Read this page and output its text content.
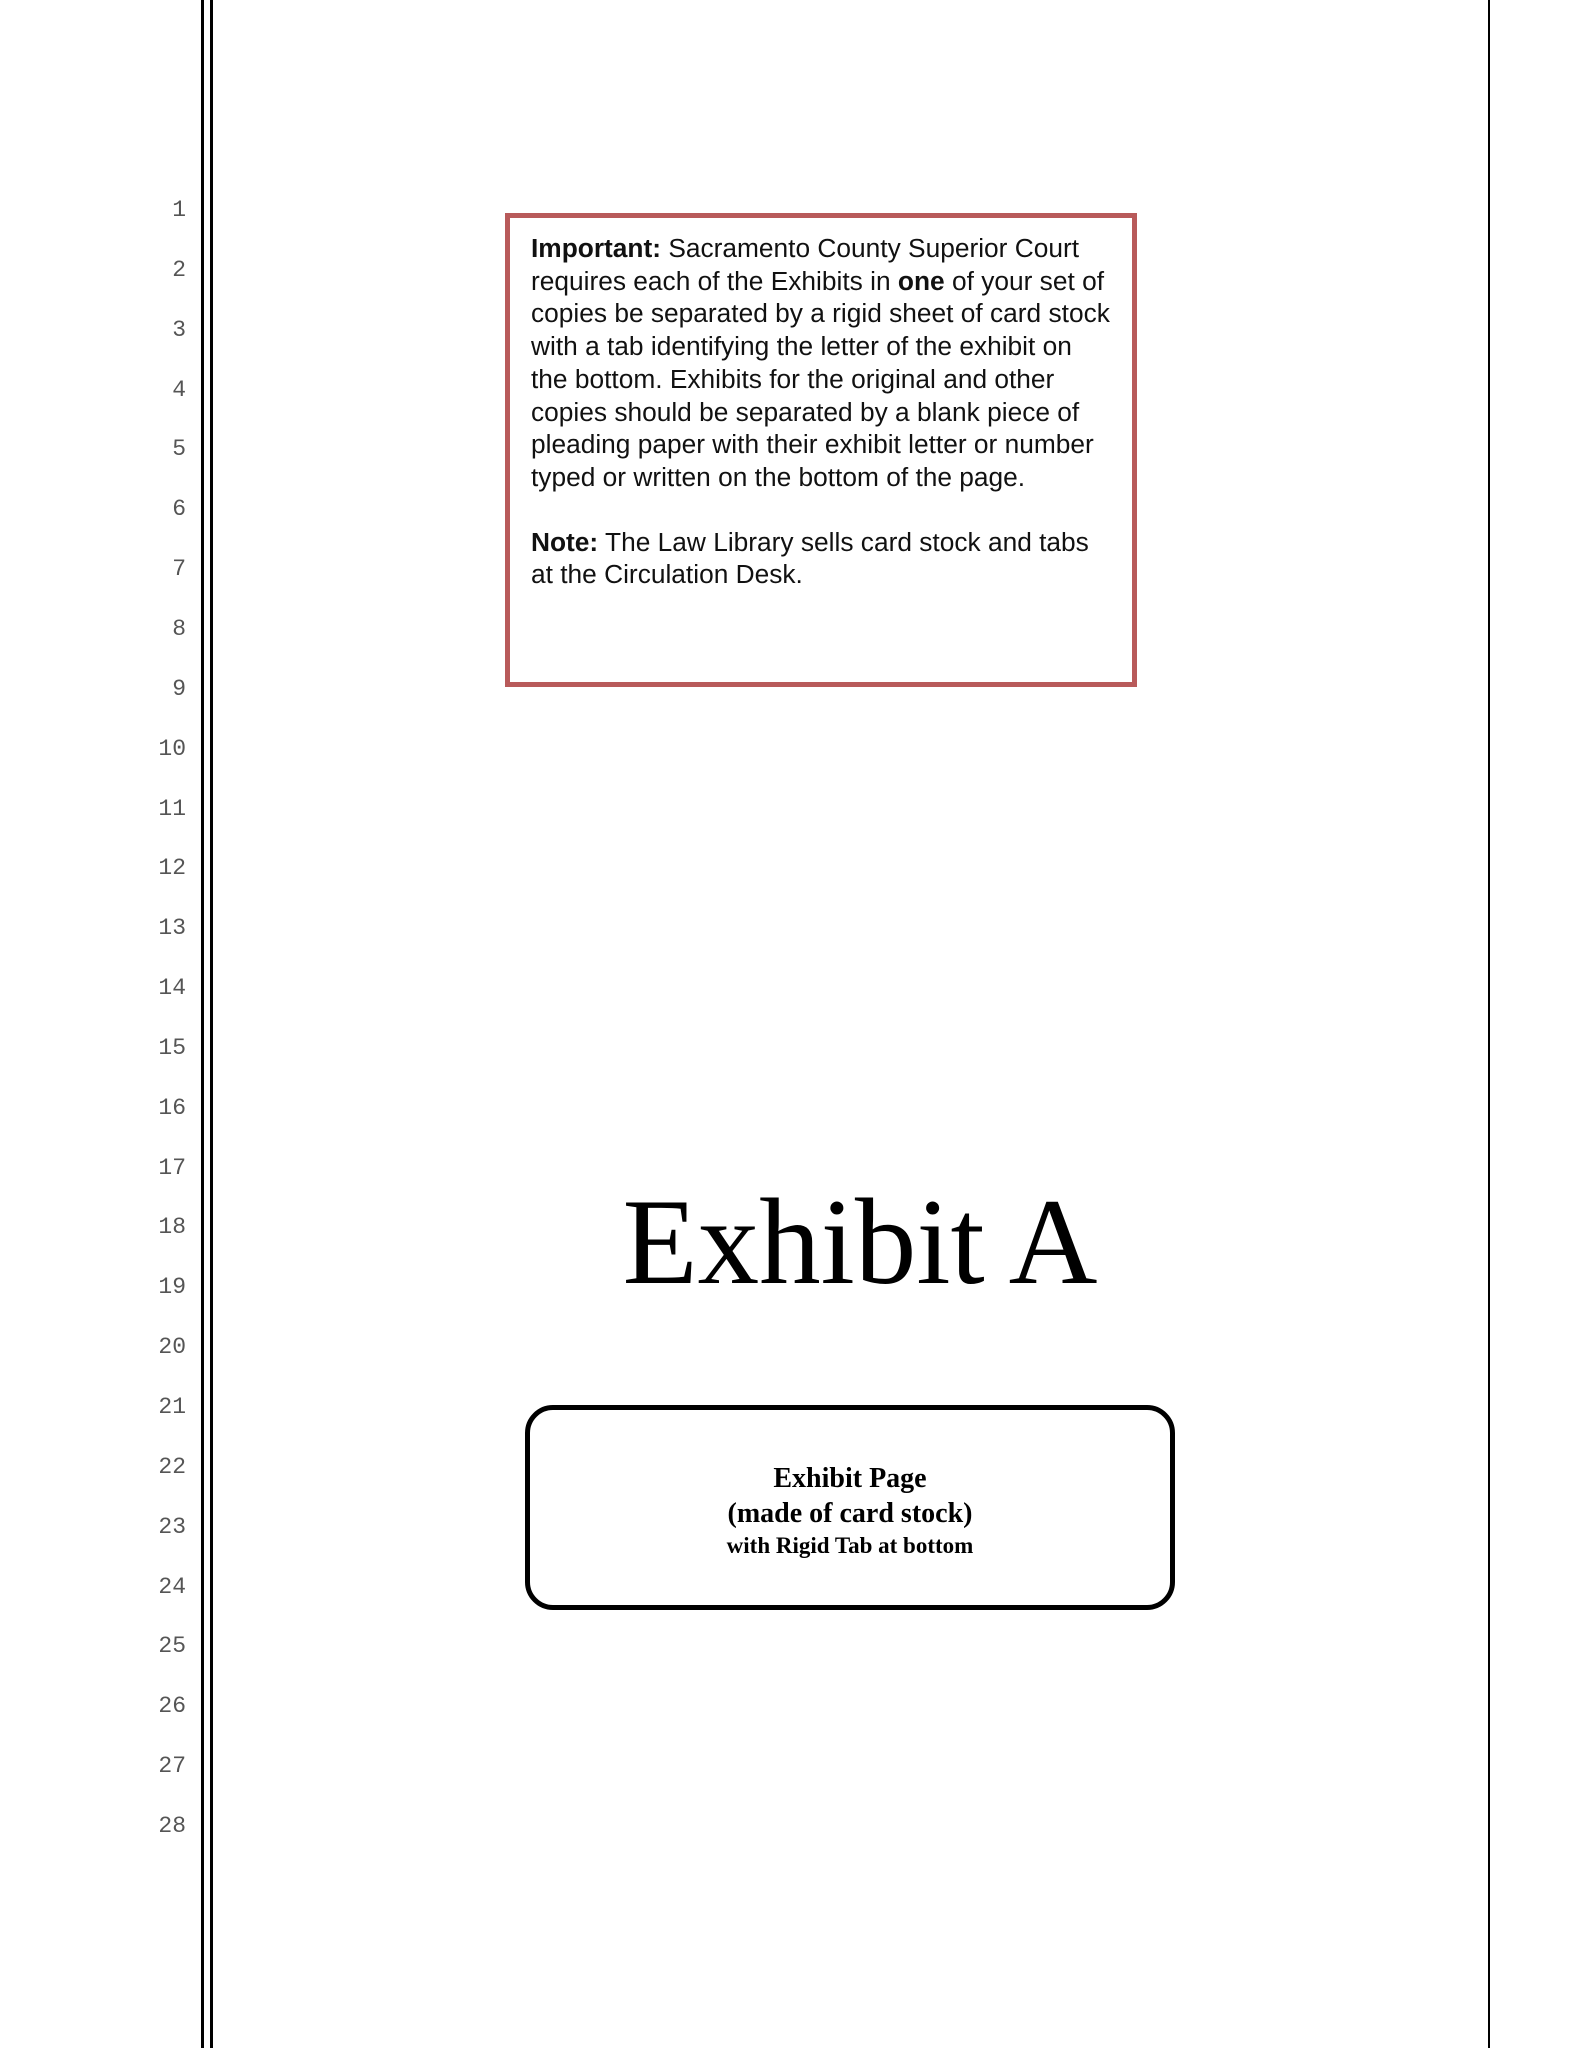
1
2
3
4
5
6
7
8
9
10
11
12
13
14
15
16
17
18
19
20
21
22
23
24
25
26
27
28

Important: Sacramento County Superior Court requires each of the Exhibits in one of your set of copies be separated by a rigid sheet of card stock with a tab identifying the letter of the exhibit on the bottom. Exhibits for the original and other copies should be separated by a blank piece of pleading paper with their exhibit letter or number typed or written on the bottom of the page.

Note: The Law Library sells card stock and tabs at the Circulation Desk.

Exhibit A
Exhibit Page
(made of card stock)
with Rigid Tab at bottom
